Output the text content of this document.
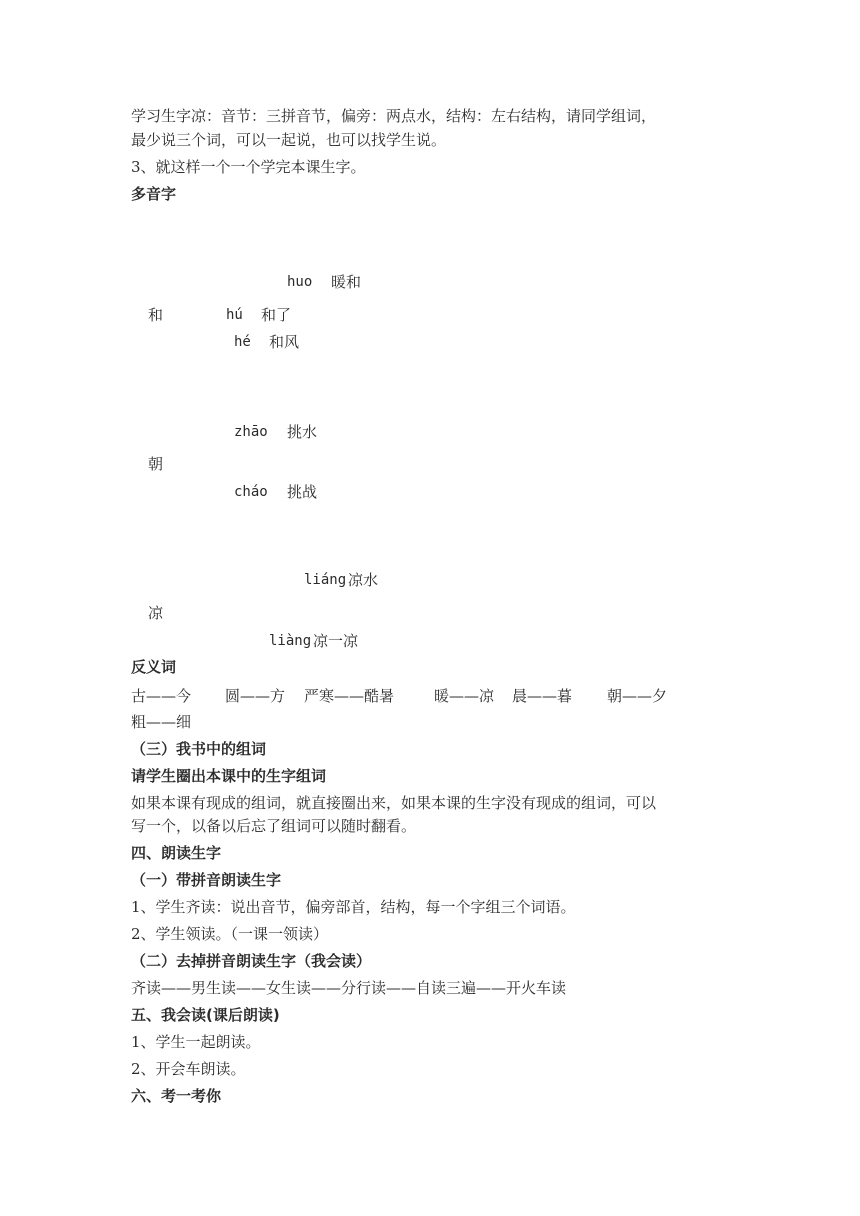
学习生字凉：音节：三拼音节，偏旁：两点水，结构：左右结构，请同学组词，
最少说三个词，可以一起说，也可以找学生说。
3、就这样一个一个学完本课生字。
多音字
huo 暖和
和	hú 和了
hé 和风
zhāo 挑水
朝
cháo 挑战
liáng 凉水
凉
liàng 凉一凉
反义词
古——今 圆——方 严寒——酷暑	暖——凉 晨——暮 朝——夕
粗——细
（三）我书中的组词
请学生圈出本课中的生字组词
如果本课有现成的组词，就直接圈出来，如果本课的生字没有现成的组词，可以
写一个，以备以后忘了组词可以随时翻看。
四、朗读生字
（一）带拼音朗读生字
1、学生齐读：说出音节，偏旁部首，结构，每一个字组三个词语。
2、学生领读。（一课一领读）
（二）去掉拼音朗读生字（我会读）
齐读——男生读——女生读——分行读——自读三遍——开火车读
五、我会读(课后朗读)
1、学生一起朗读。
2、开会车朗读。
六、考一考你
